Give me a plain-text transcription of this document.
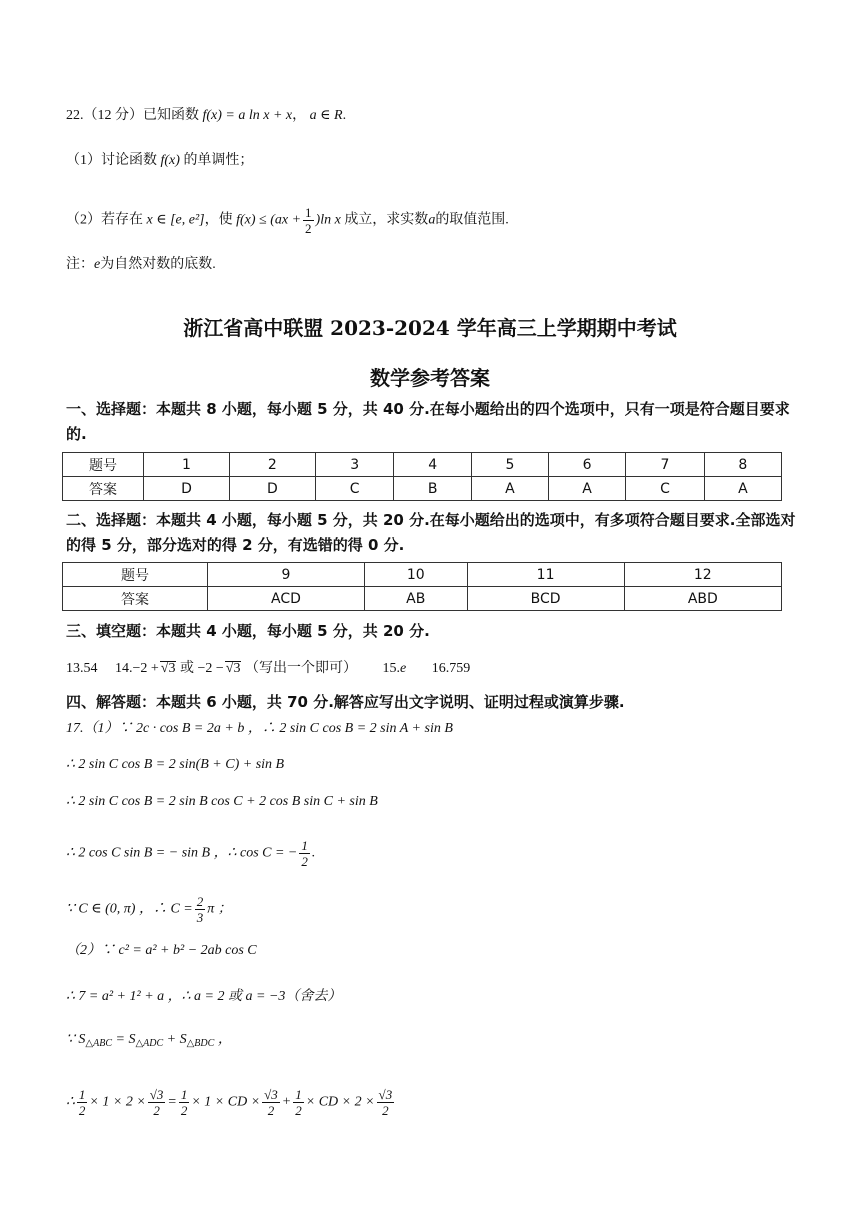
22.（12 分）已知函数 f(x) = a ln x + x， a ∈ R.
（1）讨论函数 f(x) 的单调性；
（2）若存在 x ∈ [e, e²]，使 $f(x) \le (ax + \frac{1}{2} )\ln$ x 成立，求实数a的取值范围.
注：e为自然对数的底数.
浙江省高中联盟 2023-2024 学年高三上学期期中考试
数学参考答案
一、选择题：本题共 8 小题，每小题 5 分，共 40 分.在每小题给出的四个选项中，只有一项是符合题目要求的.
题号	1	2	3	4	5	6	7	8
答案	D	D	C	B	A	A	C	A
二、选择题：本题共 4 小题，每小题 5 分，共 20 分.在每小题给出的选项中，有多项符合题目要求.全部选对的得 5 分，部分选对的得 2 分，有选错的得 0 分.
题号	9	10	11	12
答案	ACD	AB	BCD	ABD
三、填空题：本题共 4 小题，每小题 5 分，共 20 分.
13.54 14.−2 + √3 或 −2 − √3 （写出一个即可） 15.e 16.759
四、解答题：本题共 6 小题，共 70 分.解答应写出文字说明、证明过程或演算步骤.
17.（1）∵ 2c · cos B = 2a + b ，∴ 2 sin C cos B = 2 sin A + sin B
∴ 2 sin C cos B = 2 sin(B + C) + sin B
∴ 2 sin C cos B = 2 sin B cos C + 2 cos B sin C + sin B
∴ 2 cos C sin B = − sin B ，∴ cos C = − $\frac{1}{2}$ .
∵ C ∈ (0, π) ，∴ $C = \frac{2}{3}$ π ；
（2）∵ c² = a² + b² − 2ab cos C
∴ 7 = a² + 1² + a ，∴ a = 2 或 a = −3（舍去）
∵ $S_{\triangle ABC} = S_{\triangle ADC} + S_{\triangle BDC}$ ，
∴ $\frac{1}{2} \times 1 \times 2 \times \frac{√3}{2} = \frac{1}{2} \times 1$ × CD × $\frac{√3}{2} + \frac{1}{2}$ × CD × $2 \times \frac{√3}{2}$
